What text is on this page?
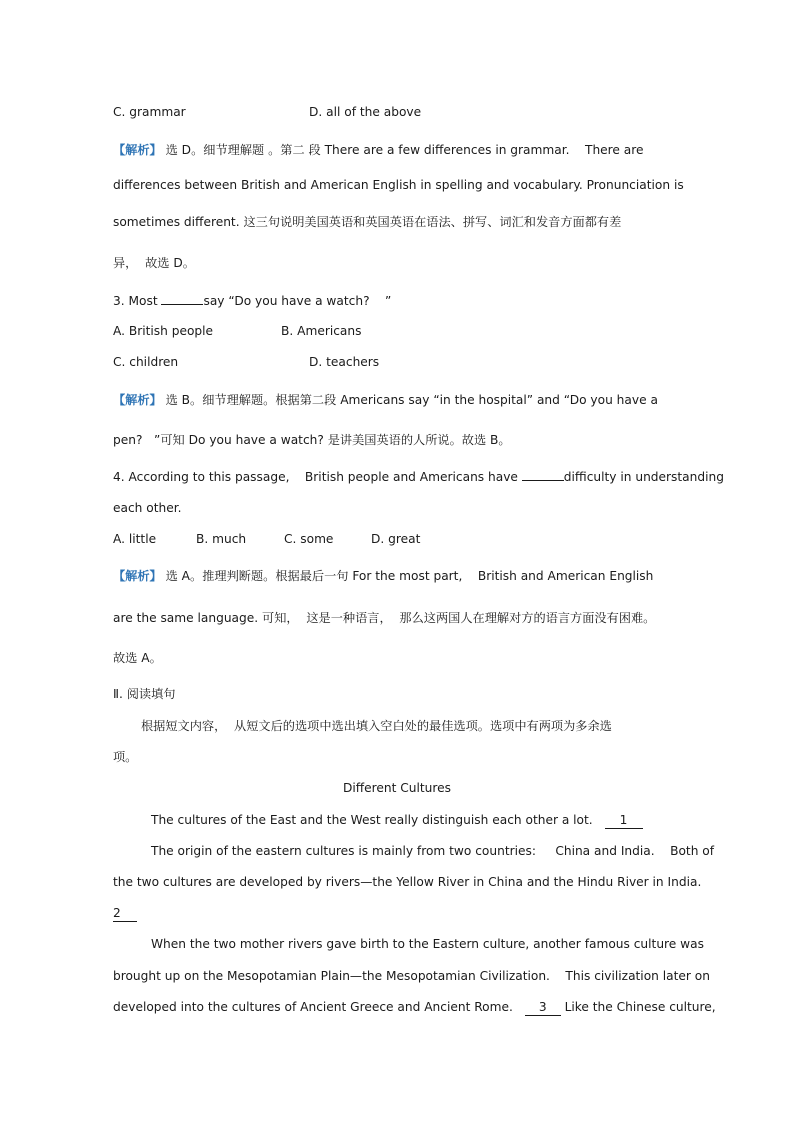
C. grammar	D. all of the above
【解析】 选 D。细节理解题 。第二 段 There are a few differences in grammar.    There are
differences between British and American English in spelling and vocabulary. Pronunciation is
sometimes different. 这三句说明美国英语和英国英语在语法、拼写、词汇和发音方面都有差
异，  故选 D。
3. Most	say “Do you have a watch?    ”
A. British people	B. Americans
C. children	D. teachers
【解析】 选 B。细节理解题。根据第二段 Americans say “in the hospital” and “Do you have a
pen?   ”可知 Do you have a watch? 是讲美国英语的人所说。故选 B。
4. According to this passage,    British people and Americans have	difficulty in understanding
each other.
A. little	B. much	C. some	D. great
【解析】 选 A。推理判断题。根据最后一句 For the most part,    British and American English
are the same language. 可知，  这是一种语言，  那么这两国人在理解对方的语言方面没有困难。
故选 A。
Ⅱ. 阅读填句
根据短文内容，  从短文后的选项中选出填入空白处的最佳选项。选项中有两项为多余选
项。
Different Cultures
The cultures of the East and the West really distinguish each other a lot. 1
The origin of the eastern cultures is mainly from two countries:     China and India.    Both of
the two cultures are developed by rivers—the Yellow River in China and the Hindu River in India.
2
When the two mother rivers gave birth to the Eastern culture, another famous culture was
brought up on the Mesopotamian Plain—the Mesopotamian Civilization.    This civilization later on
developed into the cultures of Ancient Greece and Ancient Rome. 3 Like the Chinese culture,
